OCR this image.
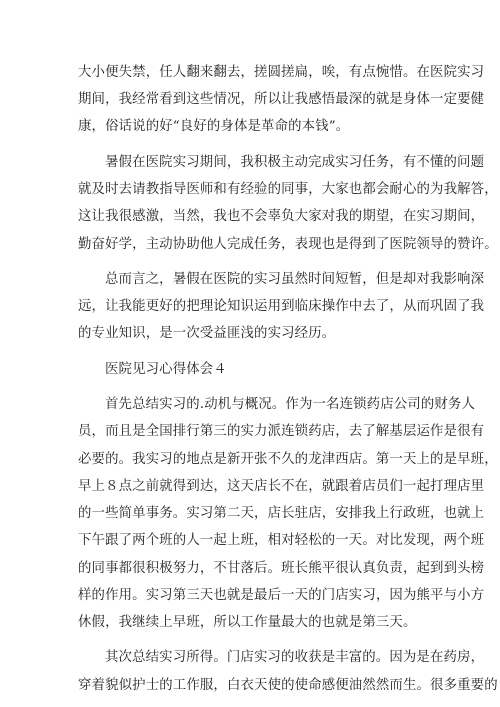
大小便失禁，任人翻来翻去，搓圆搓扁，唉，有点惋惜。在医院实习
期间，我经常看到这些情况，所以让我感悟最深的就是身体一定要健
康，俗话说的好“良好的身体是革命的本钱”。
暑假在医院实习期间，我积极主动完成实习任务，有不懂的问题
就及时去请教指导医师和有经验的同事，大家也都会耐心的为我解答，
这让我很感激，当然，我也不会辜负大家对我的期望，在实习期间，
勤奋好学，主动协助他人完成任务，表现也是得到了医院领导的赞许。
总而言之，暑假在医院的实习虽然时间短暂，但是却对我影响深
远，让我能更好的把理论知识运用到临床操作中去了，从而巩固了我
的专业知识，是一次受益匪浅的实习经历。
医院见习心得体会４
首先总结实习的.动机与概况。作为一名连锁药店公司的财务人
员，而且是全国排行第三的实力派连锁药店，去了解基层运作是很有
必要的。我实习的地点是新开张不久的龙津西店。第一天上的是早班，
早上８点之前就得到达，这天店长不在，就跟着店员们一起打理店里
的一些简单事务。实习第二天，店长驻店，安排我上行政班，也就上
下午跟了两个班的人一起上班，相对轻松的一天。对比发现，两个班
的同事都很积极努力，不甘落后。班长熊平很认真负责，起到到头榜
样的作用。实习第三天也就是最后一天的门店实习，因为熊平与小方
休假，我继续上早班，所以工作量最大的也就是第三天。
其次总结实习所得。门店实习的收获是丰富的。因为是在药房，
穿着貌似护士的工作服，白衣天使的使命感便油然然而生。很多重要的
